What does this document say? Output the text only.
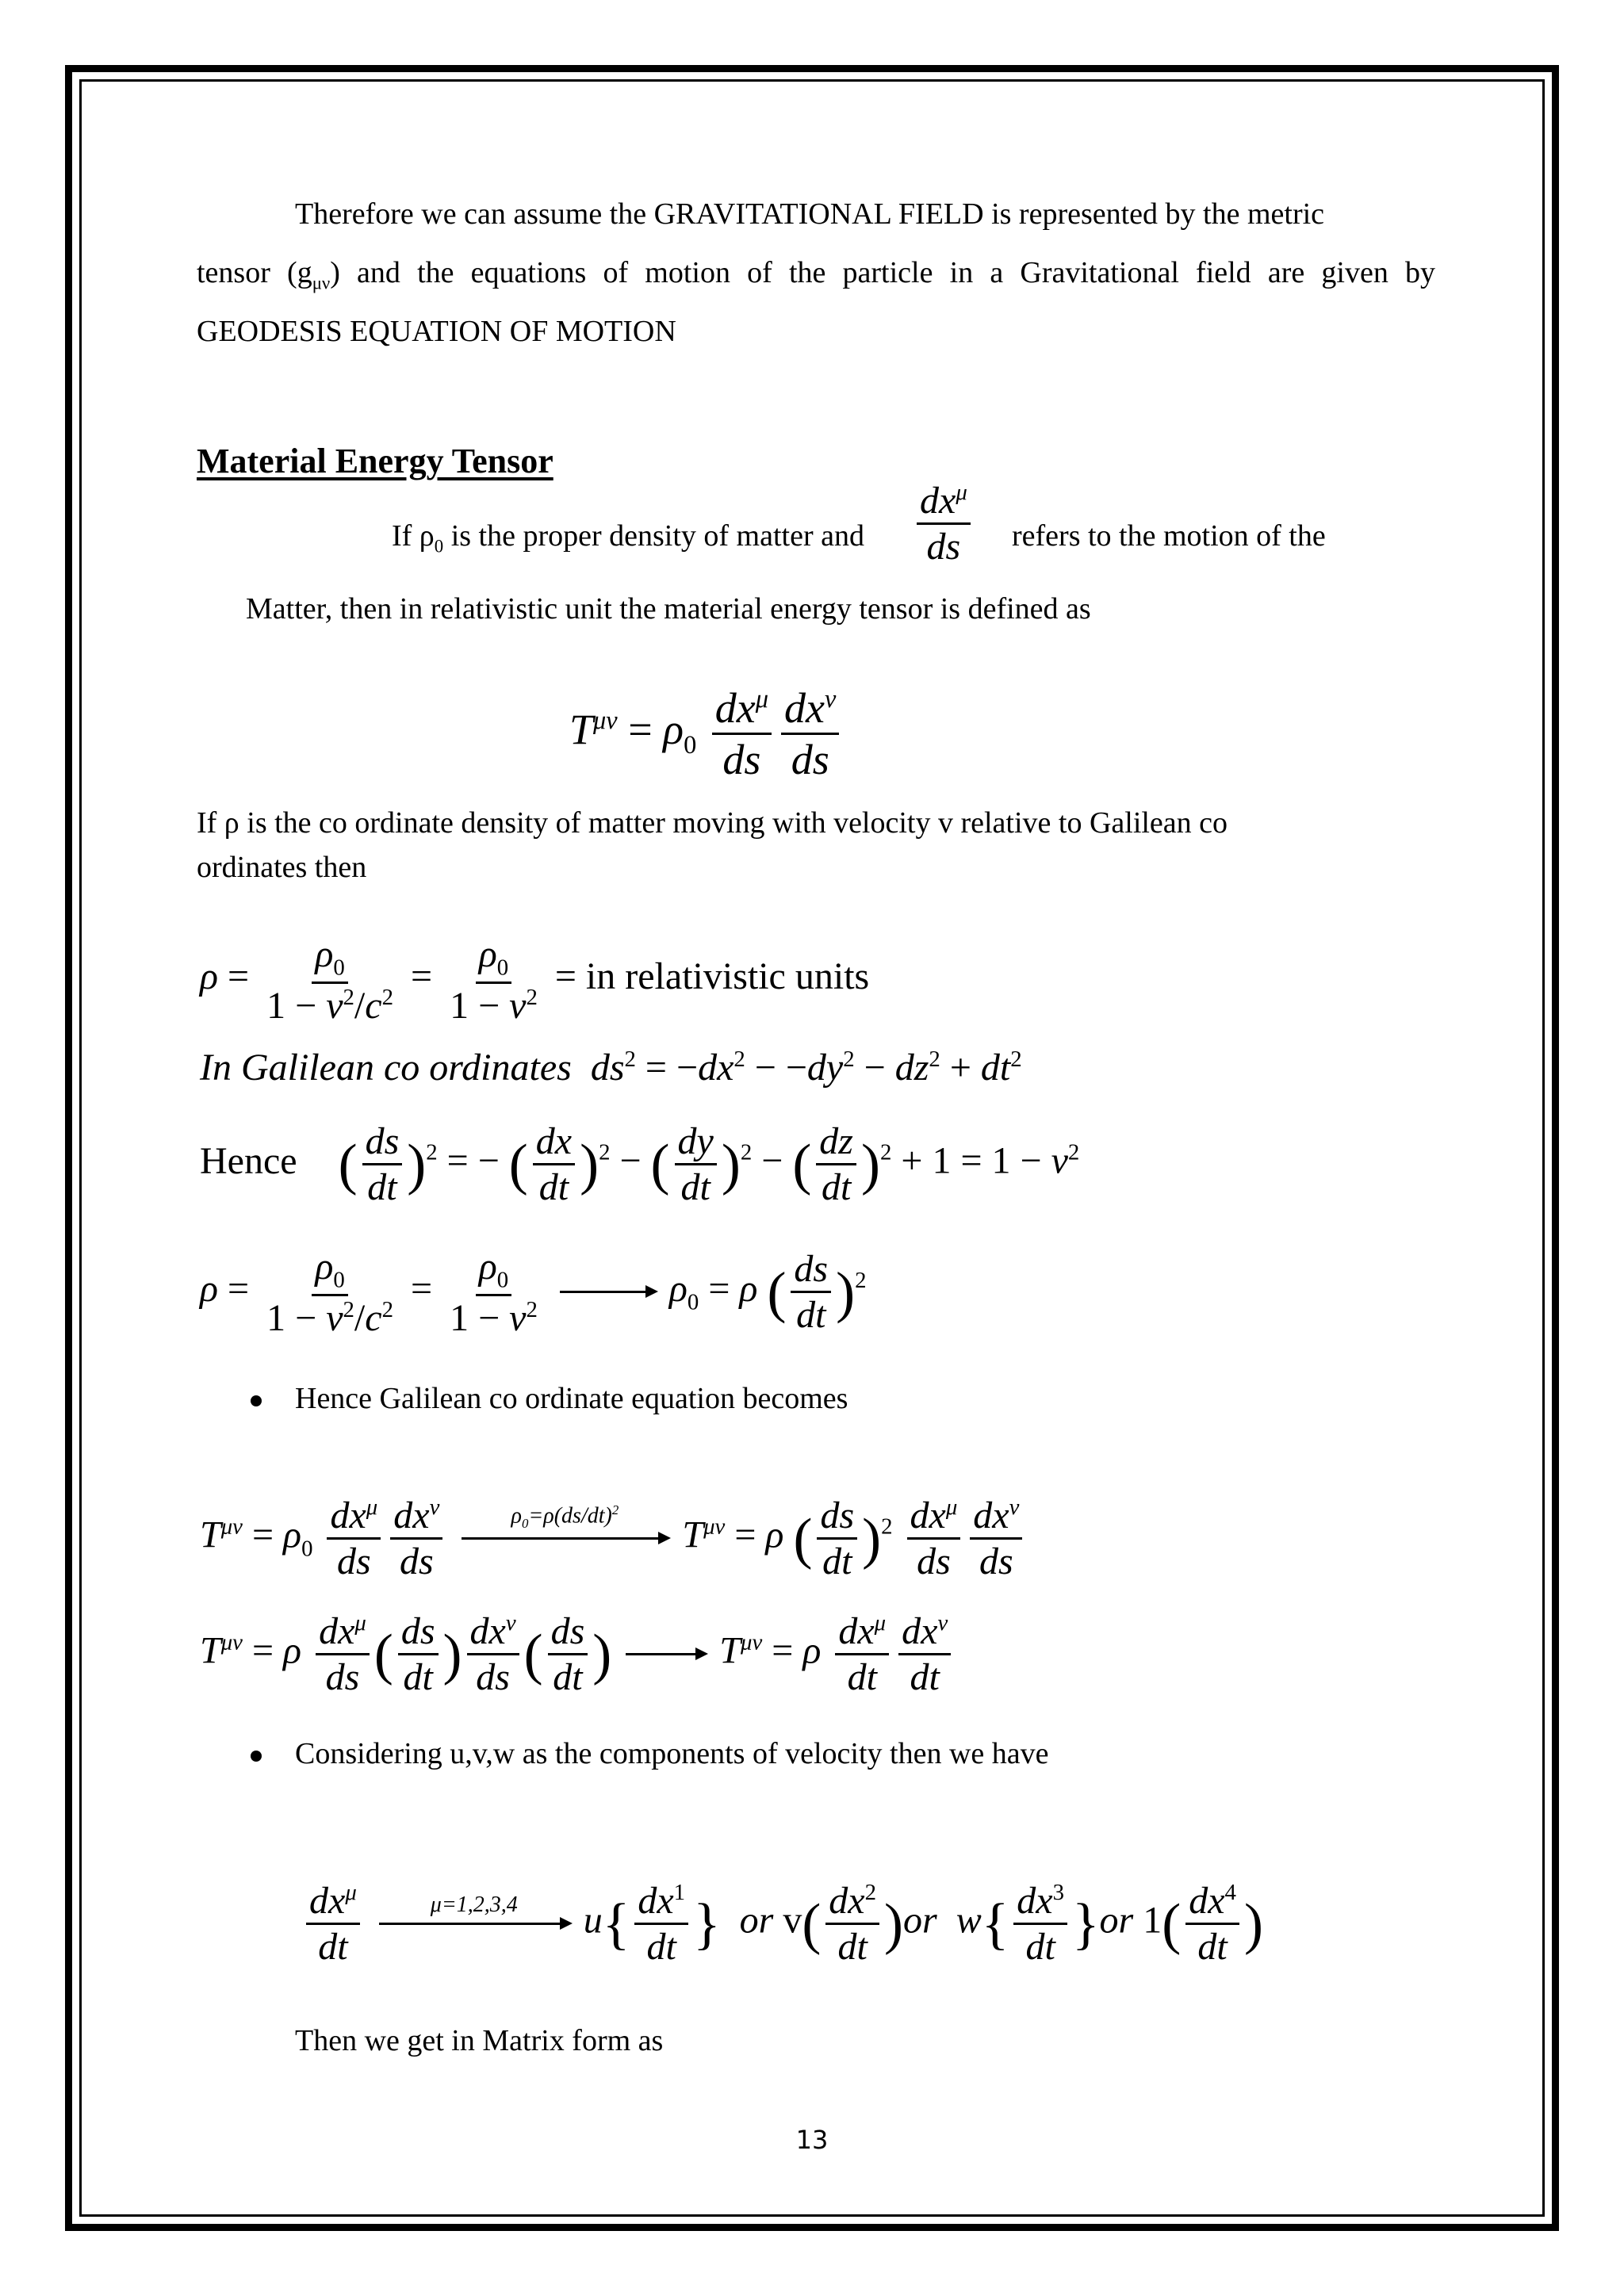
Therefore we can assume the GRAVITATIONAL FIELD is represented by the metric
tensor $(g_{\mu\nu})$ and the equations of motion of the particle in a Gravitational field are given by
GEODESIS EQUATION OF MOTION
Material Energy Tensor
If $\rho_0$ is the proper density of matter and $\frac{dx^\mu}{ds}$ refers to the motion of the
Matter, then in relativistic unit the material energy tensor is defined as
$T^{\mu\nu} = \rho_0 \frac{dx^\mu}{ds} \frac{dx^\nu}{ds}$
If ρ is the co ordinate density of matter moving with velocity v relative to Galilean co
ordinates then
$\rho = \frac{\rho_0}{1 - v^2/c^2} = \frac{\rho_0}{1 - v^2}$ = in relativistic units
In Galilean co ordinates $ds^2 = -dx^2 - -dy^2 - dz^2 + dt^2$
Hence ( $\frac{ds}{dt} )^2$ = − ( $\frac{dx}{dt} )^2$ − ( $\frac{dy}{dt} )^2$ − ( $\frac{dz}{dt} )^2 + 1 = 1 - v^2$
$\rho = \frac{\rho_0}{1 - v^2/c^2} = \frac{\rho_0}{1 - v^2}$	$\rho_0 = \rho$ ( $\frac{ds}{dt} )^2$
Hence Galilean co ordinate equation becomes
$T^{\mu\nu} = \rho_0 \frac{dx^\mu}{ds} \frac{dx^\nu}{ds}$
	$\rho_0=\rho(ds/dt)^2$
$T^{\mu\nu} = \rho$ ( $\frac{ds}{dt} )^2 \frac{dx^\mu}{ds} \frac{dx^\nu}{ds}$
$T^{\mu\nu} = \rho \frac{dx^\mu}{ds}$ ( $\frac{ds}{dt}$ ) $\frac{dx^\nu}{ds}$ ( $\frac{ds}{dt}$ )	$T^{\mu\nu} = \rho \frac{dx^\mu}{dt} \frac{dx^\nu}{dt}$
Considering u,v,w as the components of velocity then we have
$\frac{dx^\mu}{dt}$
	μ=1,2,3,4	$u\{ \frac{dx^1}{dt}$ } or $v( \frac{dx^2}{dt} )or$ $w\{ \frac{dx^3}{dt} \}or$ $1( \frac{dx^4}{dt}$ )
Then we get in Matrix form as
13
